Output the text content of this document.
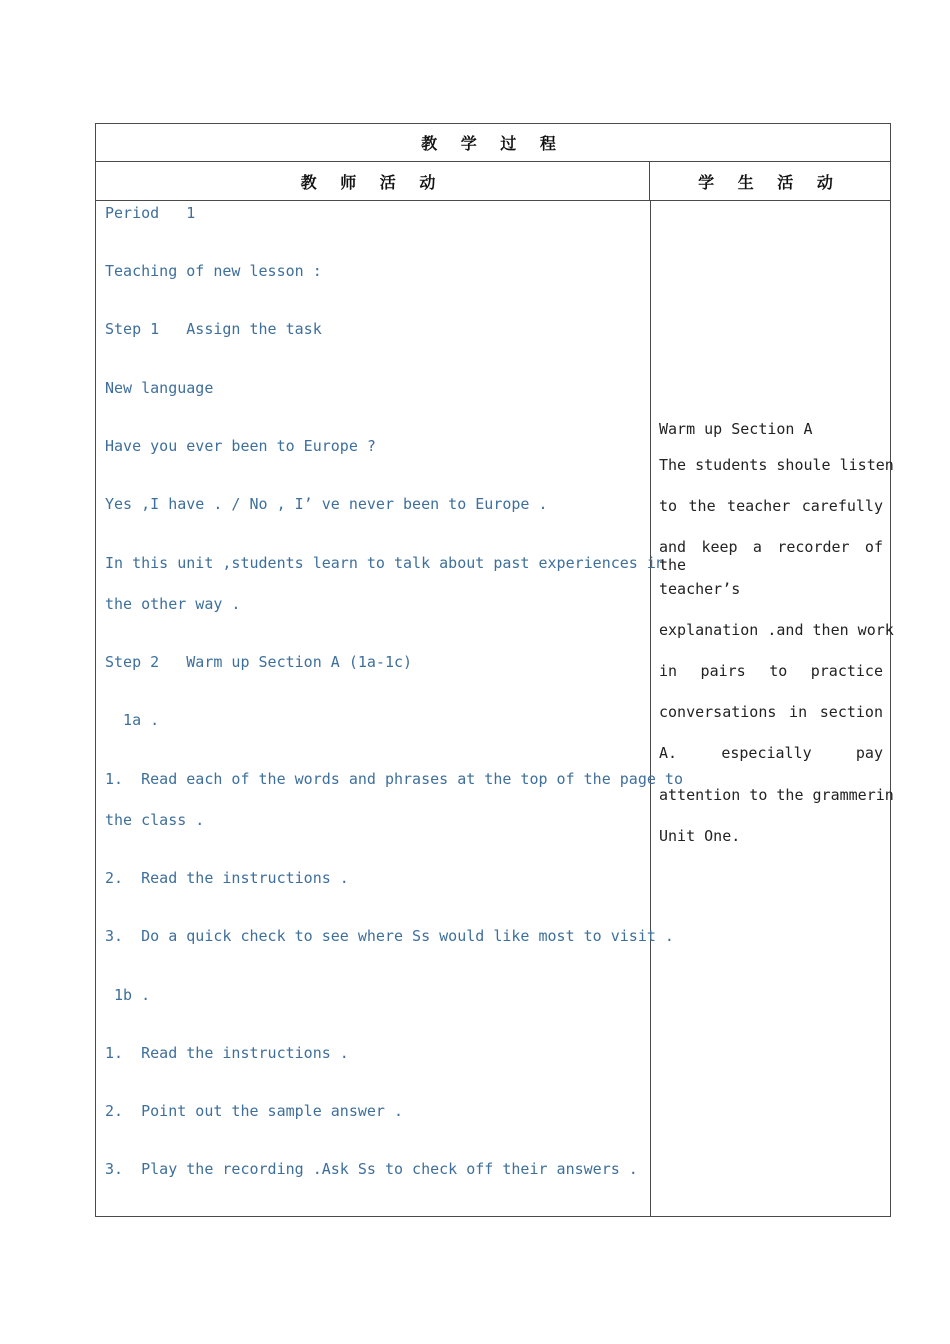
教 学 过 程
教 师 活 动	学 生 活 动
Period   1
Teaching of new lesson :
Step 1   Assign the task
New language
Have you ever been to Europe ?
Yes ,I have . / No , I’ ve never been to Europe .
In this unit ,students learn to talk about past experiences in
the other way .
Step 2   Warm up Section A (1a-1c)
1a .
1.  Read each of the words and phrases at the top of the page to
the class .
2.  Read the instructions .
3.  Do a quick check to see where Ss would like most to visit .
1b .
1.  Read the instructions .
2.  Point out the sample answer .
3.  Play the recording .Ask Ss to check off their answers .
Warm up Section A
The students shoule listen
to the teacher carefully
and keep a recorder of the
teacher’s
explanation .and then work
in pairs to practice
conversations in section
A. especially pay
attention to the grammerin
Unit One.
